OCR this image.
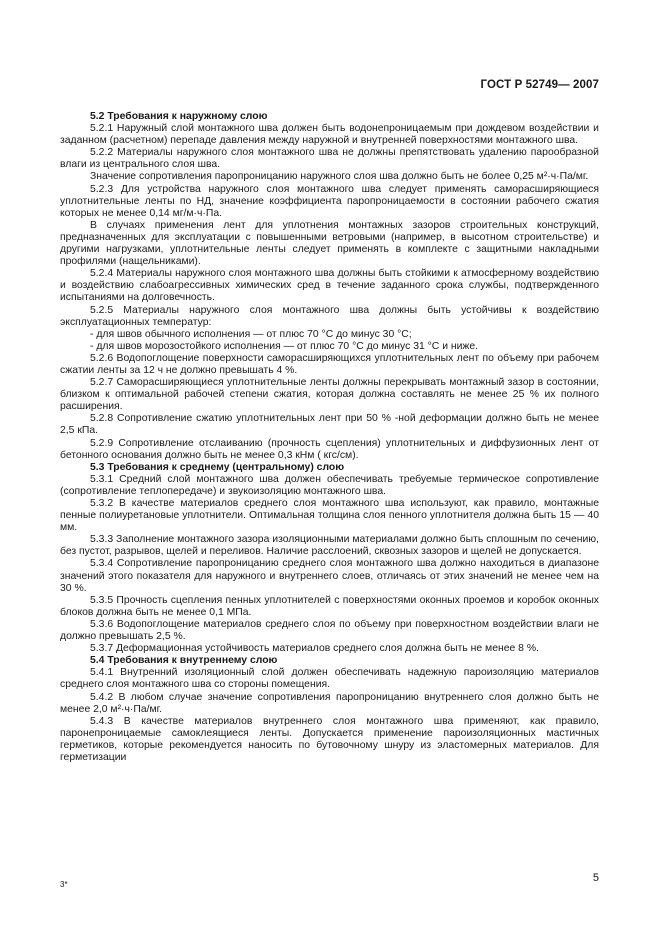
ГОСТ Р 52749— 2007

5.2 Требования к наружному слою

5.2.1 Наружный слой монтажного шва должен быть водонепроницаемым при дождевом воздействии и заданном (расчетном) перепаде давления между наружной и внутренней поверхностями монтажного шва.

5.2.2 Материалы наружного слоя монтажного шва не должны препятствовать удалению парообразной влаги из центрального слоя шва.

Значение сопротивления паропроницанию наружного слоя шва должно быть не более 0,25 м²·ч·Па/мг.

5.2.3 Для устройства наружного слоя монтажного шва следует применять саморасширяющиеся уплотнительные ленты по НД, значение коэффициента паропроницаемости в состоянии рабочего сжатия которых не менее 0,14 мг/м·ч·Па.

В случаях применения лент для уплотнения монтажных зазоров строительных конструкций, предназначенных для эксплуатации с повышенными ветровыми (например, в высотном строительстве) и другими нагрузками, уплотнительные ленты следует применять в комплекте с защитными накладными профилями (нащельниками).

5.2.4 Материалы наружного слоя монтажного шва должны быть стойкими к атмосферному воздействию и воздействию слабоагрессивных химических сред в течение заданного срока службы, подтвержденного испытаниями на долговечность.

5.2.5 Материалы наружного слоя монтажного шва должны быть устойчивы к воздействию эксплуатационных температур:

- для швов обычного исполнения — от плюс 70 °С до минус 30 °С;

- для швов морозостойкого исполнения — от плюс 70 °С до минус 31 °С и ниже.

5.2.6 Водопоглощение поверхности саморасширяющихся уплотнительных лент по объему при рабочем сжатии ленты за 12 ч не должно превышать 4 %.

5.2.7 Саморасширяющиеся уплотнительные ленты должны перекрывать монтажный зазор в состоянии, близком к оптимальной рабочей степени сжатия, которая должна составлять не менее 25 % их полного расширения.

5.2.8 Сопротивление сжатию уплотнительных лент при 50 % -ной деформации должно быть не менее 2,5 кПа.

5.2.9 Сопротивление отслаиванию (прочность сцепления) уплотнительных и диффузионных лент от бетонного основания должно быть не менее 0,3 кНм ( кгс/см).

5.3 Требования к среднему (центральному) слою

5.3.1 Средний слой монтажного шва должен обеспечивать требуемые термическое сопротивление (сопротивление теплопередаче) и звукоизоляцию монтажного шва.

5.3.2 В качестве материалов среднего слоя монтажного шва используют, как правило, монтажные пенные полиуретановые уплотнители. Оптимальная толщина слоя пенного уплотнителя должна быть 15 — 40 мм.

5.3.3 Заполнение монтажного зазора изоляционными материалами должно быть сплошным по сечению, без пустот, разрывов, щелей и переливов. Наличие расслоений, сквозных зазоров и щелей не допускается.

5.3.4 Сопротивление паропроницанию среднего слоя монтажного шва должно находиться в диапазоне значений этого показателя для наружного и внутреннего слоев, отличаясь от этих значений не менее чем на 30 %.

5.3.5 Прочность сцепления пенных уплотнителей с поверхностями оконных проемов и коробок оконных блоков должна быть не менее 0,1 МПа.

5.3.6 Водопоглощение материалов среднего слоя по объему при поверхностном воздействии влаги не должно превышать 2,5 %.

5.3.7 Деформационная устойчивость материалов среднего слоя должна быть не менее 8 %.

5.4 Требования к внутреннему слою

5.4.1 Внутренний изоляционный слой должен обеспечивать надежную пароизоляцию материалов среднего слоя монтажного шва со стороны помещения.

5.4.2 В любом случае значение сопротивления паропроницанию внутреннего слоя должно быть не менее 2,0 м²·ч·Па/мг.

5.4.3 В качестве материалов внутреннего слоя монтажного шва применяют, как правило, паронепроницаемые самоклеящиеся ленты. Допускается применение пароизоляционных мастичных герметиков, которые рекомендуется наносить по бутовочному шнуру из эластомерных материалов. Для герметизации

3*
5
